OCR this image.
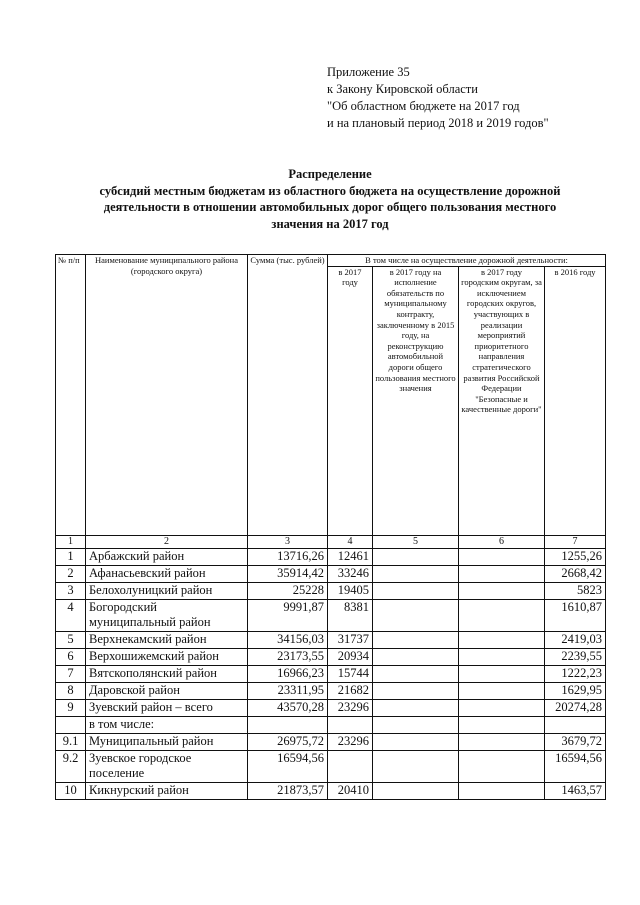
Приложение 35
к Закону Кировской области
"Об областном бюджете на 2017 год
и на плановый период 2018 и 2019 годов"
Распределение
субсидий местным бюджетам из областного бюджета на осуществление дорожной
деятельности в отношении автомобильных дорог общего пользования местного
значения на 2017 год
№ п/п	Наименование муниципального района (городского округа)	Сумма (тыс. рублей)	В том числе на осуществление дорожной деятельности:			
			в 2017 году	в 2017 году на исполнение обязательств по муниципальному контракту, заключенному в 2015 году, на реконструкцию автомобильной дороги общего пользования местного значения	в 2017 году городским округам, за исключением городских округов, участвующих в реализации мероприятий приоритетного направления стратегического развития Российской Федерации "Безопасные и качественные дороги"	в 2016 году
1	2	3	4	5	6	7
1	Арбажский район	13716,26	12461			1255,26
2	Афанасьевский район	35914,42	33246			2668,42
3	Белохолуницкий район	25228	19405			5823
4	Богородский муниципальный район	9991,87	8381			1610,87
5	Верхнекамский район	34156,03	31737			2419,03
6	Верхошижемский район	23173,55	20934			2239,55
7	Вятскополянский район	16966,23	15744			1222,23
8	Даровской район	23311,95	21682			1629,95
9	Зуевский район – всего	43570,28	23296			20274,28
	в том числе:					
9.1	Муниципальный район	26975,72	23296			3679,72
9.2	Зуевское городское поселение	16594,56				16594,56
10	Кикнурский район	21873,57	20410			1463,57
